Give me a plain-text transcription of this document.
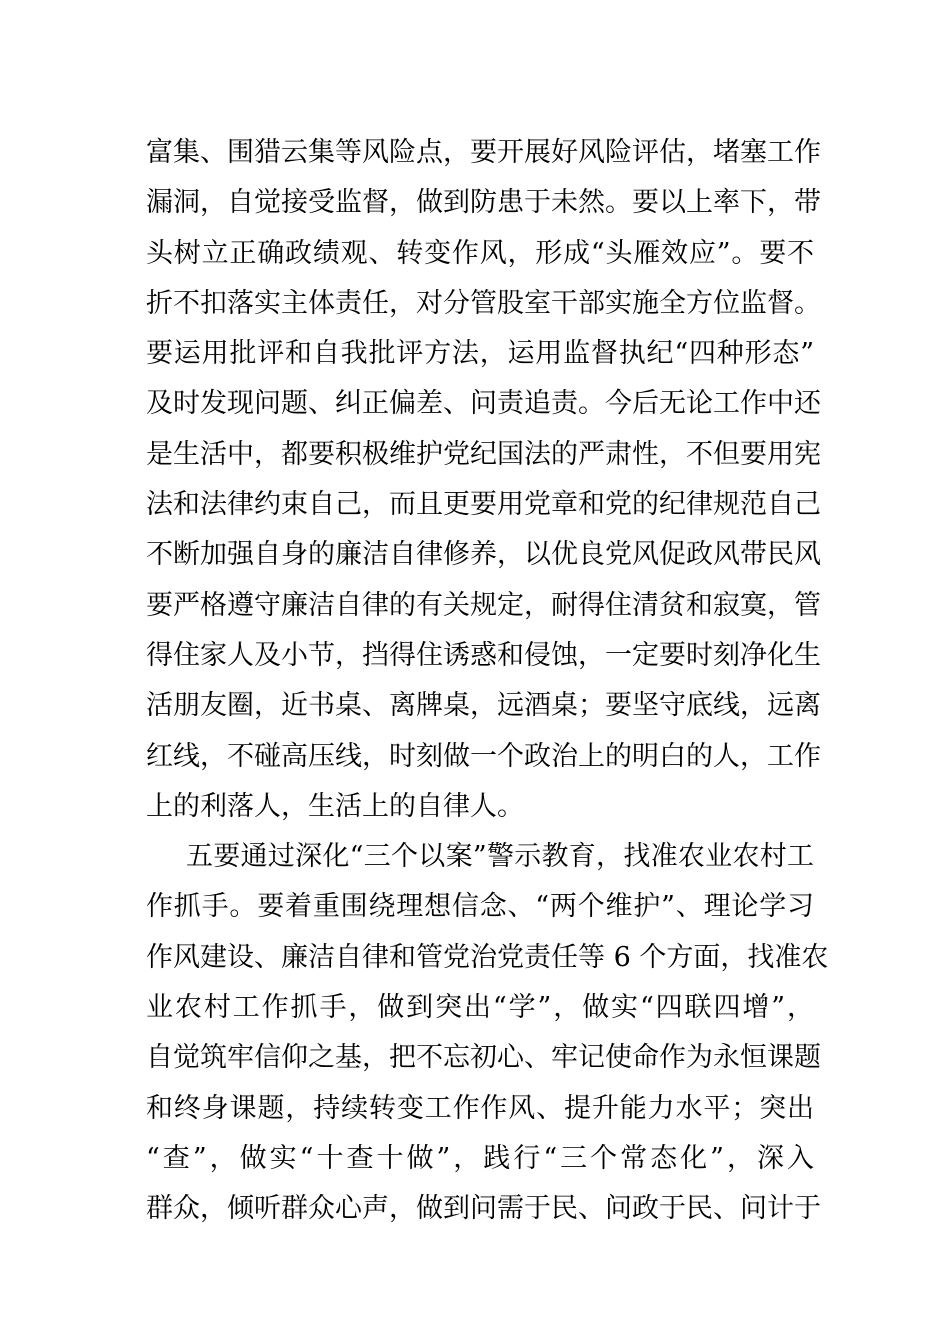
富集、围猎云集等风险点，要开展好风险评估，堵塞工作
漏洞，自觉接受监督，做到防患于未然。要以上率下，带
头树立正确政绩观、转变作风，形成“头雁效应”。要不
折不扣落实主体责任，对分管股室干部实施全方位监督。
要运用批评和自我批评方法，运用监督执纪“四种形态”
及时发现问题、纠正偏差、问责追责。今后无论工作中还
是生活中，都要积极维护党纪国法的严肃性，不但要用宪
法和法律约束自己，而且更要用党章和党的纪律规范自己
不断加强自身的廉洁自律修养，以优良党风促政风带民风
要严格遵守廉洁自律的有关规定，耐得住清贫和寂寞，管
得住家人及小节，挡得住诱惑和侵蚀，一定要时刻净化生
活朋友圈，近书桌、离牌桌，远酒桌；要坚守底线，远离
红线，不碰高压线，时刻做一个政治上的明白的人，工作
上的利落人，生活上的自律人。
五要通过深化“三个以案”警示教育，找准农业农村工
作抓手。要着重围绕理想信念、“两个维护”、理论学习
作风建设、廉洁自律和管党治党责任等 6 个方面，找准农
业农村工作抓手，做到突出“学”，做实“四联四增”，
自觉筑牢信仰之基，把不忘初心、牢记使命作为永恒课题
和终身课题，持续转变工作作风、提升能力水平；突出
“查”，做实“十查十做”，践行“三个常态化”，深入
群众，倾听群众心声，做到问需于民、问政于民、问计于
